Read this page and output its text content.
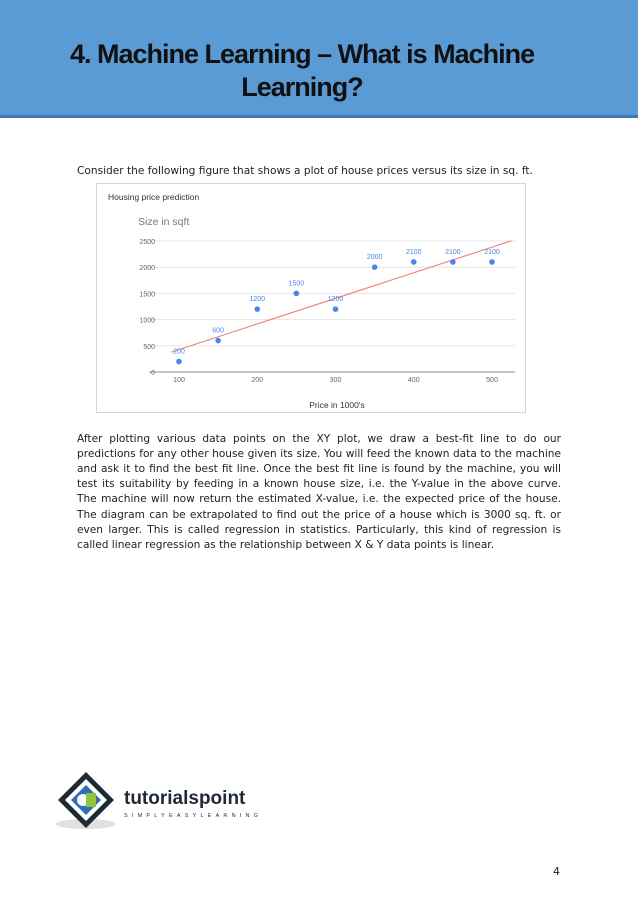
4. Machine Learning – What is Machine
Learning?

Consider the following figure that shows a plot of house prices versus its size in sq. ft.

Housing price prediction
Size in sqft
Price in 1000's
0
500
1000
1500
2000
2500
100	200	300	400	500
200
600
1200
1500
1200
2000
2100	2100	2100

After plotting various data points on the XY plot, we draw a best-fit line to do our predictions for any other house given its size. You will feed the known data to the machine and ask it to find the best fit line. Once the best fit line is found by the machine, you will test its suitability by feeding in a known house size, i.e. the Y-value in the above curve. The machine will now return the estimated X-value, i.e. the expected price of the house. The diagram can be extrapolated to find out the price of a house which is 3000 sq. ft. or even larger. This is called regression in statistics. Particularly, this kind of regression is called linear regression as the relationship between X & Y data points is linear.

tutorialspoint
SIMPLYEASYLEARNING
4
